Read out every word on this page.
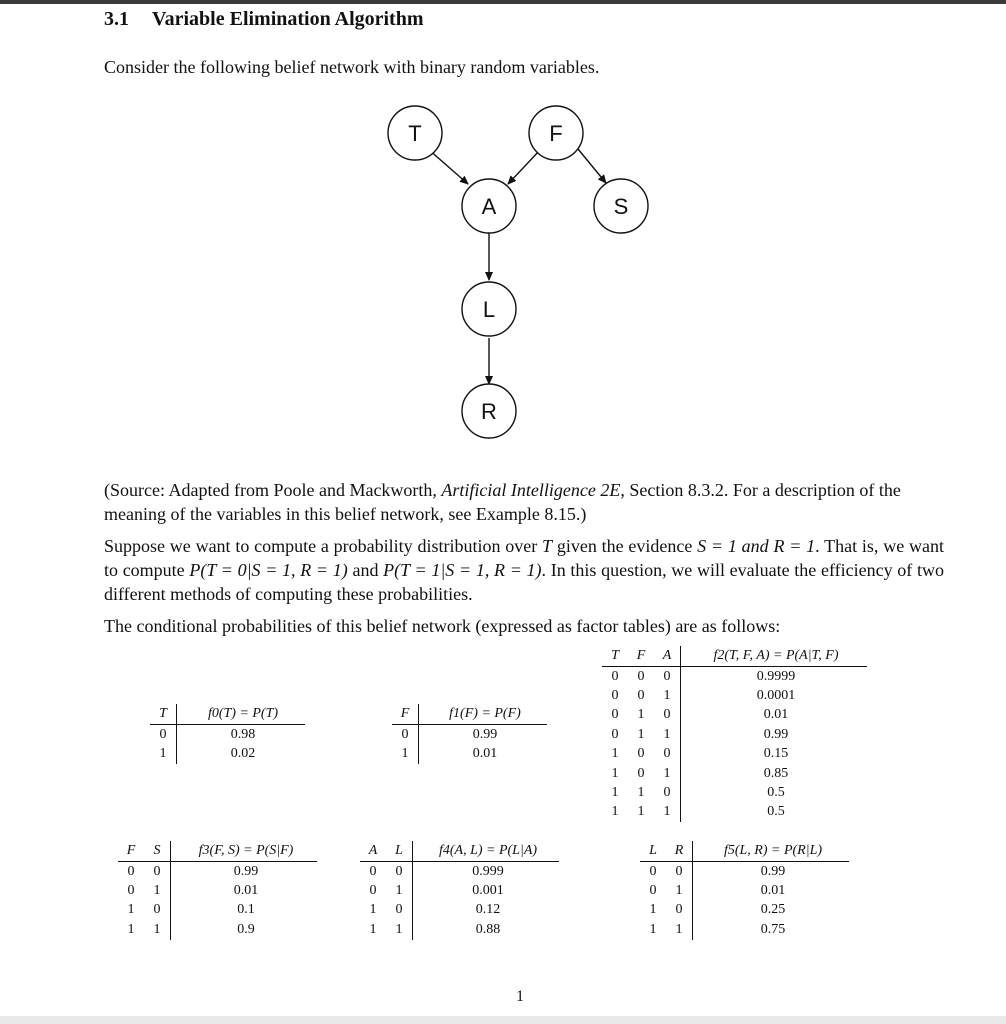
3.1 Variable Elimination Algorithm
Consider the following belief network with binary random variables.
T	F
A	S
L
R
(Source: Adapted from Poole and Mackworth, Artificial Intelligence 2E, Section 8.3.2. For a description of the meaning of the variables in this belief network, see Example 8.15.)
Suppose we want to compute a probability distribution over T given the evidence S = 1 and R = 1. That is, we want to compute P(T = 0|S = 1, R = 1) and P(T = 1|S = 1, R = 1). In this question, we will evaluate the efficiency of two different methods of computing these probabilities.
The conditional probabilities of this belief network (expressed as factor tables) are as follows:
T	F	A	f2(T, F, A) = P(A|T, F)
0	0	0	0.9999
0	0	1	0.0001
0	1	0	0.01
0	1	1	0.99
1	0	0	0.15
1	0	1	0.85
1	1	0	0.5
1	1	1	0.5
T	f0(T) = P(T)
0	0.98
1	0.02
F	f1(F) = P(F)
0	0.99
1	0.01
F	S	f3(F, S) = P(S|F)
0	0	0.99
0	1	0.01
1	0	0.1
1	1	0.9
A	L	f4(A, L) = P(L|A)
0	0	0.999
0	1	0.001
1	0	0.12
1	1	0.88
L	R	f5(L, R) = P(R|L)
0	0	0.99
0	1	0.01
1	0	0.25
1	1	0.75
1
